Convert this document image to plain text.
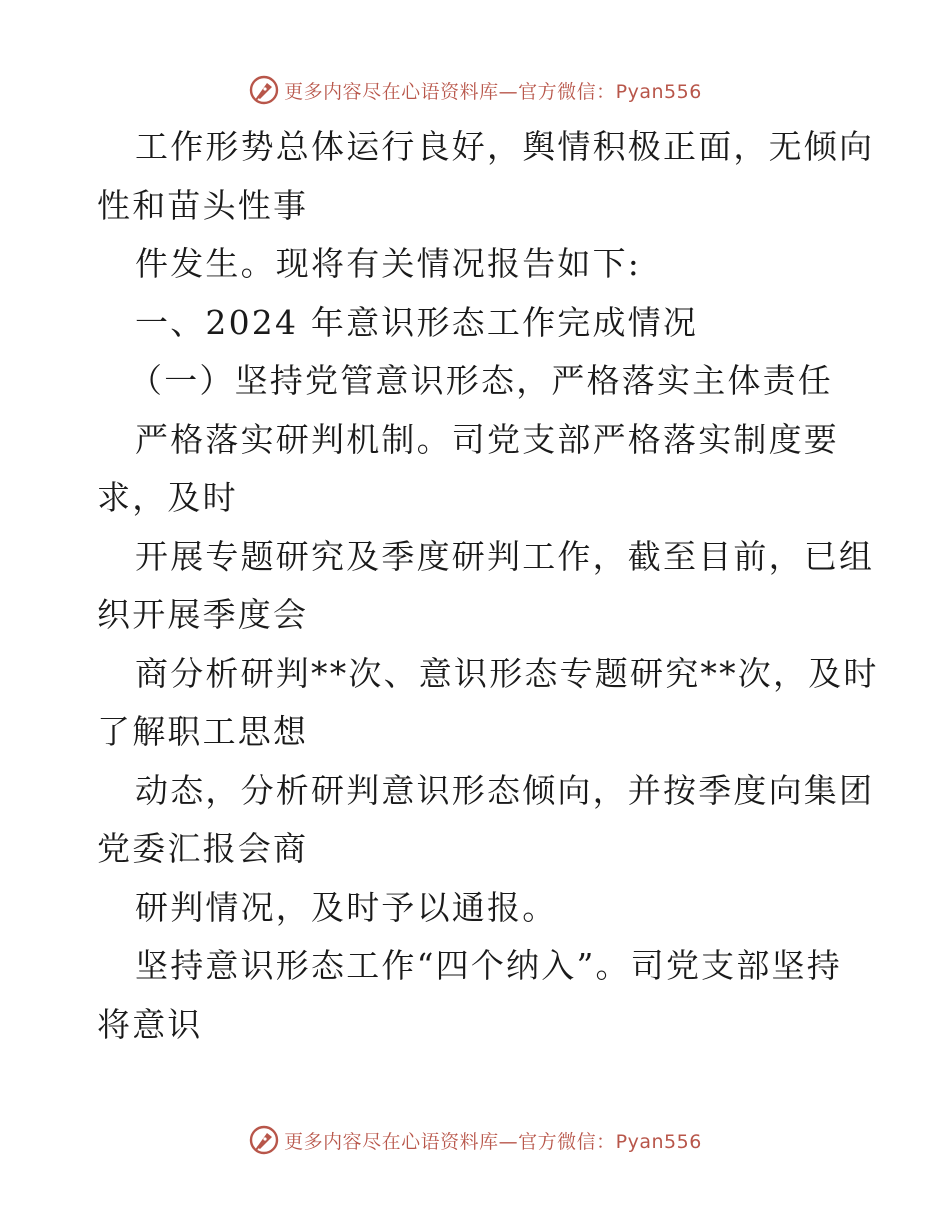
更多内容尽在心语资料库—官方微信：Pyan556
工作形势总体运行良好，舆情积极正面，无倾向
性和苗头性事
件发生。现将有关情况报告如下:
一、2024 年意识形态工作完成情况
（一）坚持党管意识形态，严格落实主体责任
严格落实研判机制。司党支部严格落实制度要
求，及时
开展专题研究及季度研判工作，截至目前，已组
织开展季度会
商分析研判**次、意识形态专题研究**次，及时
了解职工思想
动态，分析研判意识形态倾向，并按季度向集团
党委汇报会商
研判情况，及时予以通报。
坚持意识形态工作“四个纳入”。司党支部坚持
将意识
更多内容尽在心语资料库—官方微信：Pyan556
